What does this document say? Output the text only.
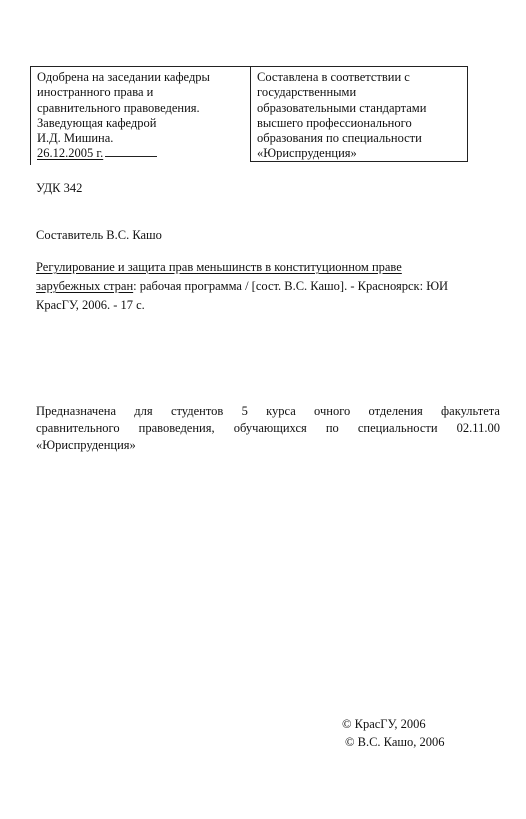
Одобрена на заседании кафедры
иностранного права и
сравнительного правоведения.
Заведующая кафедрой
И.Д. Мишина.
26.12.2005 г.
Составлена в соответствии с
государственными
образовательными стандартами
высшего профессионального
образования по специальности
«Юриспруденция»
УДК 342
Составитель В.С. Кашо
Регулирование и защита прав меньшинств в конституционном праве
зарубежных стран: рабочая программа / [сост. В.С. Кашо]. - Красноярск: ЮИ
КрасГУ, 2006. - 17 с.
Предназначена для студентов 5 курса очного отделения факультета
сравнительного правоведения, обучающихся по специальности 02.11.00
«Юриспруденция»
© КрасГУ, 2006
© В.С. Кашо, 2006
